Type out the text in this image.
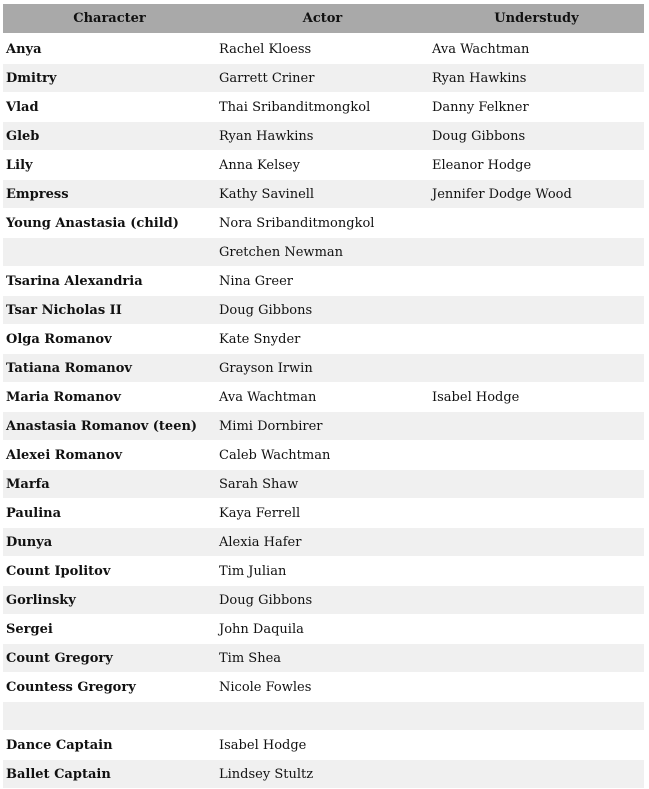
Character	Actor	Understudy
Anya	Rachel Kloess	Ava Wachtman
Dmitry	Garrett Criner	Ryan Hawkins
Vlad	Thai Sribanditmongkol	Danny Felkner
Gleb	Ryan Hawkins	Doug Gibbons
Lily	Anna Kelsey	Eleanor Hodge
Empress	Kathy Savinell	Jennifer Dodge Wood
Young Anastasia (child)	Nora Sribanditmongkol	
	Gretchen Newman	
Tsarina Alexandria	Nina Greer	
Tsar Nicholas II	Doug Gibbons	
Olga Romanov	Kate Snyder	
Tatiana Romanov	Grayson Irwin	
Maria Romanov	Ava Wachtman	Isabel Hodge
Anastasia Romanov (teen)	Mimi Dornbirer	
Alexei Romanov	Caleb Wachtman	
Marfa	Sarah Shaw	
Paulina	Kaya Ferrell	
Dunya	Alexia Hafer	
Count Ipolitov	Tim Julian	
Gorlinsky	Doug Gibbons	
Sergei	John Daquila	
Count Gregory	Tim Shea	
Countess Gregory	Nicole Fowles	

Dance Captain	Isabel Hodge	
Ballet Captain	Lindsey Stultz	
